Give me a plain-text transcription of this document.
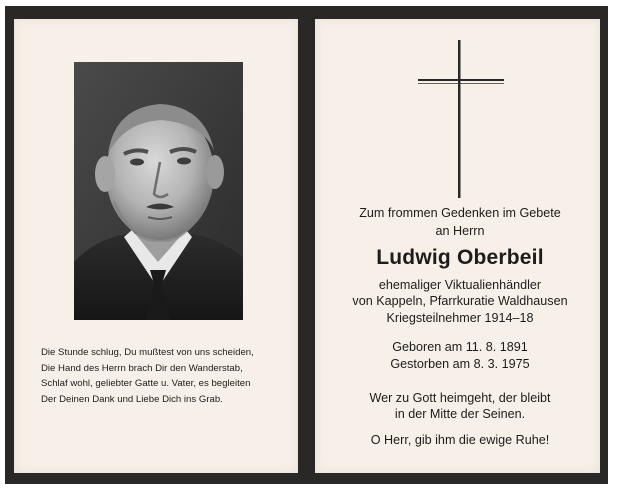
Die Stunde schlug, Du mußtest von uns scheiden,
Die Hand des Herrn brach Dir den Wanderstab,
Schlaf wohl, geliebter Gatte u. Vater, es begleiten
Der Deinen Dank und Liebe Dich ins Grab.
Zum frommen Gedenken im Gebete
an Herrn
Ludwig Oberbeil
ehemaliger Viktualienhändler
von Kappeln, Pfarrkuratie Waldhausen
Kriegsteilnehmer 1914–18
Geboren am 11. 8. 1891
Gestorben am 8. 3. 1975
Wer zu Gott heimgeht, der bleibt
in der Mitte der Seinen.
O Herr, gib ihm die ewige Ruhe!
